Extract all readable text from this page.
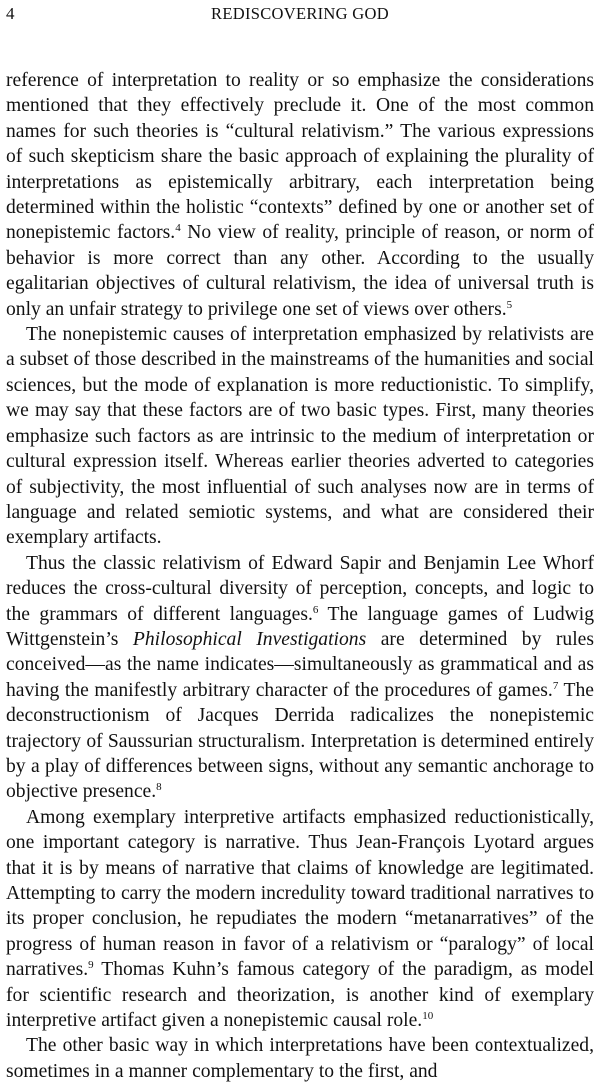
4	REDISCOVERING GOD

reference of interpretation to reality or so emphasize the considerations mentioned that they effectively preclude it. One of the most common names for such theories is “cultural relativism.” The various expressions of such skepticism share the basic approach of explaining the plurality of interpretations as epistemically arbitrary, each interpretation being determined within the holistic “contexts” defined by one or another set of nonepistemic factors.$^4$ No view of reality, principle of reason, or norm of behavior is more correct than any other. According to the usually egalitarian objectives of cultural relativism, the idea of universal truth is only an unfair strategy to privilege one set of views over others.$^5$

The nonepistemic causes of interpretation emphasized by relativists are a subset of those described in the mainstreams of the humanities and social sciences, but the mode of explanation is more reductionistic. To simplify, we may say that these factors are of two basic types. First, many theories emphasize such factors as are intrinsic to the medium of interpretation or cultural expression itself. Whereas earlier theories adverted to categories of subjectivity, the most influential of such analyses now are in terms of language and related semiotic systems, and what are considered their exemplary artifacts.

Thus the classic relativism of Edward Sapir and Benjamin Lee Whorf reduces the cross-cultural diversity of perception, concepts, and logic to the grammars of different languages.$^6$ The language games of Ludwig Wittgenstein’s Philosophical Investigations are determined by rules conceived—as the name indicates—simultaneously as grammatical and as having the manifestly arbitrary character of the procedures of games.$^7$ The deconstructionism of Jacques Derrida radicalizes the nonepistemic trajectory of Saussurian structuralism. Interpretation is determined entirely by a play of differences between signs, without any semantic anchorage to objective presence.$^8$

Among exemplary interpretive artifacts emphasized reductionistically, one important category is narrative. Thus Jean-François Lyotard argues that it is by means of narrative that claims of knowledge are legitimated. Attempting to carry the modern incredulity toward traditional narratives to its proper conclusion, he repudiates the modern “metanarratives” of the progress of human reason in favor of a relativism or “paralogy” of local narratives.$^9$ Thomas Kuhn’s famous category of the paradigm, as model for scientific research and theorization, is another kind of exemplary interpretive artifact given a nonepistemic causal role.$^{10}$

The other basic way in which interpretations have been contextualized, sometimes in a manner complementary to the first, and
